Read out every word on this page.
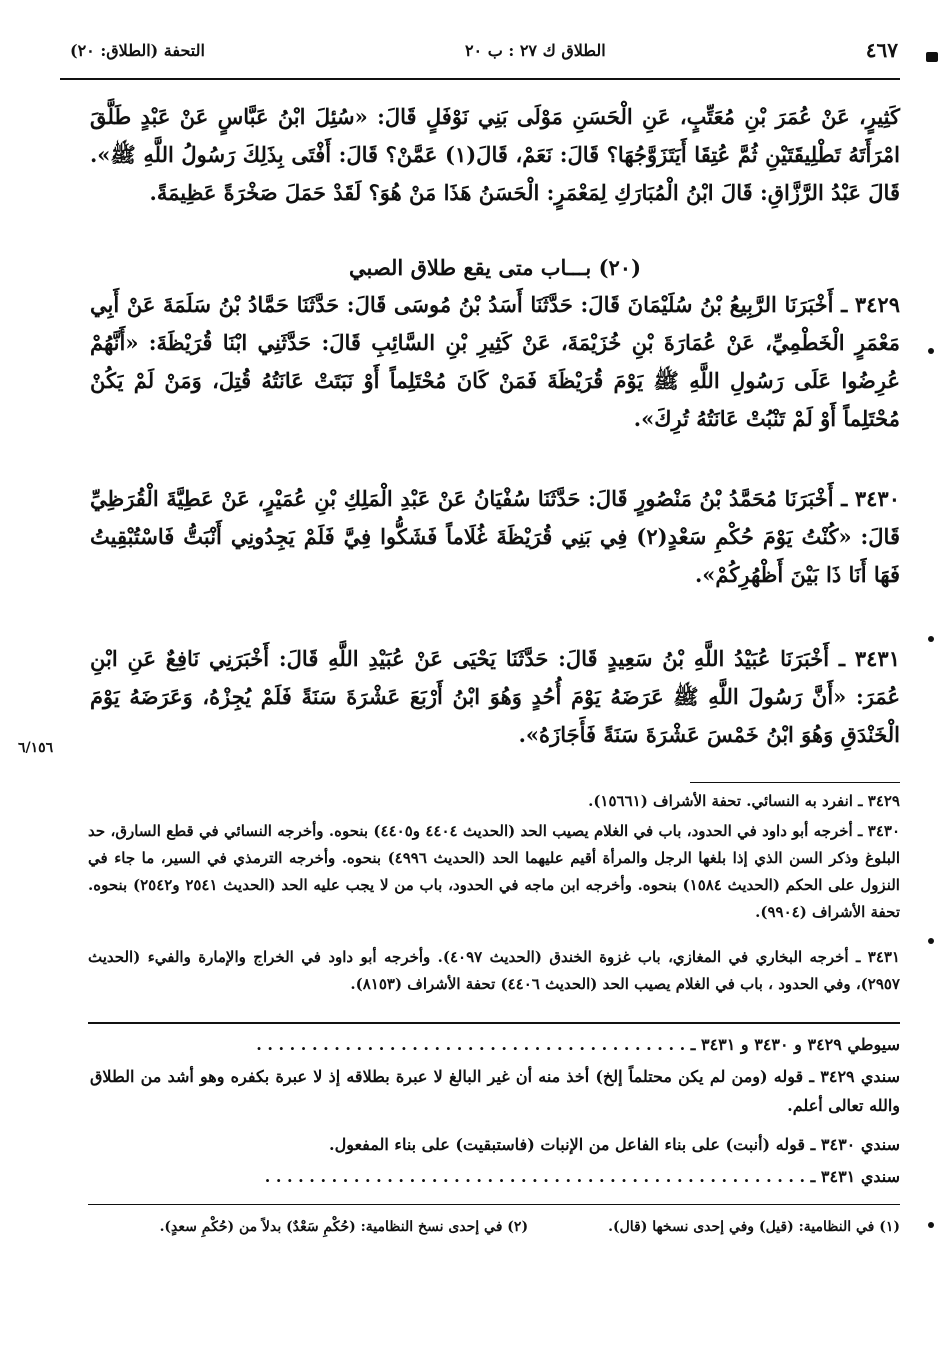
الطلاق ك ٢٧ : ب ٢٠	٤٦٧
التحفة (الطلاق: ٢٠)

كَثِيرٍ، عَنْ عُمَرَ بْنِ مُعَتِّبٍ، عَنِ الْحَسَنِ مَوْلَى بَنِي نَوْفَلٍ قَالَ: «سُئِلَ ابْنُ عَبَّاسٍ عَنْ عَبْدٍ طَلَّقَ امْرَأَتَهُ تَطْلِيقَتَيْنِ ثُمَّ عُتِقَا أَيَتَزَوَّجُهَا؟ قَالَ: نَعَمْ، قَالَ(١) عَمَّنْ؟ قَالَ: أَفْتَى بِذَلِكَ رَسُولُ اللَّهِ ﷺ». قَالَ عَبْدُ الرَّزَّاقِ: قَالَ ابْنُ الْمُبَارَكِ لِمَعْمَرٍ: الْحَسَنُ هَذَا مَنْ هُوَ؟ لَقَدْ حَمَلَ صَخْرَةً عَظِيمَةً.

(٢٠) بـــاب متى يقع طلاق الصبي

٣٤٢٩ ـ أَخْبَرَنَا الرَّبِيعُ بْنُ سُلَيْمَانَ قَالَ: حَدَّثَنَا أَسَدُ بْنُ مُوسَى قَالَ: حَدَّثَنَا حَمَّادُ بْنُ سَلَمَةَ عَنْ أَبِي مَعْمَرٍ الْخَطْمِيِّ، عَنْ عُمَارَةَ بْنِ خُزَيْمَةَ، عَنْ كَثِيرِ بْنِ السَّائِبِ قَالَ: حَدَّثَنِي ابْنَا قُرَيْظَةَ: «أَنَّهُمْ عُرِضُوا عَلَى رَسُولِ اللَّهِ ﷺ يَوْمَ قُرَيْظَةَ فَمَنْ كَانَ مُحْتَلِماً أَوْ نَبَتَتْ عَانَتُهُ قُتِلَ، وَمَنْ لَمْ يَكُنْ مُحْتَلِماً أَوْ لَمْ تَنْبُتْ عَانَتُهُ تُرِكَ».

٣٤٣٠ ـ أَخْبَرَنَا مُحَمَّدُ بْنُ مَنْصُورٍ قَالَ: حَدَّثَنَا سُفْيَانُ عَنْ عَبْدِ الْمَلِكِ بْنِ عُمَيْرٍ، عَنْ عَطِيَّةَ الْقُرَظِيِّ قَالَ: «كُنْتُ يَوْمَ حُكْمِ سَعْدٍ(٢) فِي بَنِي قُرَيْظَةَ غُلَاماً فَشَكُّوا فِيَّ فَلَمْ يَجِدُونِي أَنْبَتُّ فَاسْتُبْقِيتُ فَهَا أَنَا ذَا بَيْنَ أَظْهُرِكُمْ».

٣٤٣١ ـ أَخْبَرَنَا عُبَيْدُ اللَّهِ بْنُ سَعِيدٍ قَالَ: حَدَّثَنَا يَحْيَى عَنْ عُبَيْدِ اللَّهِ قَالَ: أَخْبَرَنِي نَافِعٌ عَنِ ابْنِ عُمَرَ: «أَنَّ رَسُولَ اللَّهِ ﷺ عَرَضَهُ يَوْمَ أُحُدٍ وَهُوَ ابْنُ أَرْبَعَ عَشْرَةَ سَنَةً فَلَمْ يُجِزْهُ، وَعَرَضَهُ يَوْمَ الْخَنْدَقِ وَهُوَ ابْنُ خَمْسَ عَشْرَةَ سَنَةً فَأَجَازَهُ».

٦/١٥٦
٣٤٢٩ ـ انفرد به النسائي. تحفة الأشراف (١٥٦٦١).
٣٤٣٠ ـ أخرجه أبو داود في الحدود، باب في الغلام يصيب الحد (الحديث ٤٤٠٤ و٤٤٠٥) بنحوه. وأخرجه النسائي في قطع السارق، حد البلوغ وذكر السن الذي إذا بلغها الرجل والمرأة أقيم عليهما الحد (الحديث ٤٩٩٦) بنحوه. وأخرجه الترمذي في السير، ما جاء في النزول على الحكم (الحديث ١٥٨٤) بنحوه. وأخرجه ابن ماجه في الحدود، باب من لا يجب عليه الحد (الحديث ٢٥٤١ و٢٥٤٢) بنحوه. تحفة الأشراف (٩٩٠٤).
٣٤٣١ ـ أخرجه البخاري في المغازي، باب غزوة الخندق (الحديث ٤٠٩٧). وأخرجه أبو داود في الخراج والإمارة والفيء (الحديث ٢٩٥٧)، وفي الحدود ، باب في الغلام يصيب الحد (الحديث ٤٤٠٦) تحفة الأشراف (٨١٥٣).
سيوطي ٣٤٢٩ و ٣٤٣٠ و ٣٤٣١ ـ . . . . . . . . . . . . . . . . . . . . . . . . . . . . . . . . . . . . . . .
سندي ٣٤٢٩ ـ قوله (ومن لم يكن محتلماً إلخ) أخذ منه أن غير البالغ لا عبرة بطلاقه إذ لا عبرة بكفره وهو أشد من الطلاق والله تعالى أعلم.
سندي ٣٤٣٠ ـ قوله (أنبت) على بناء الفاعل من الإنبات (فاستبقيت) على بناء المفعول.
سندي ٣٤٣١ ـ . . . . . . . . . . . . . . . . . . . . . . . . . . . . . . . . . . . . . . . . . . . . . . . . .
(١) في النظامية: (قيل) وفي إحدى نسخها (قال).
(٢) في إحدى نسخ النظامية: (حُكْمِ سَعْدٌ) بدلاً من (حُكْمِ سعدٍ).
